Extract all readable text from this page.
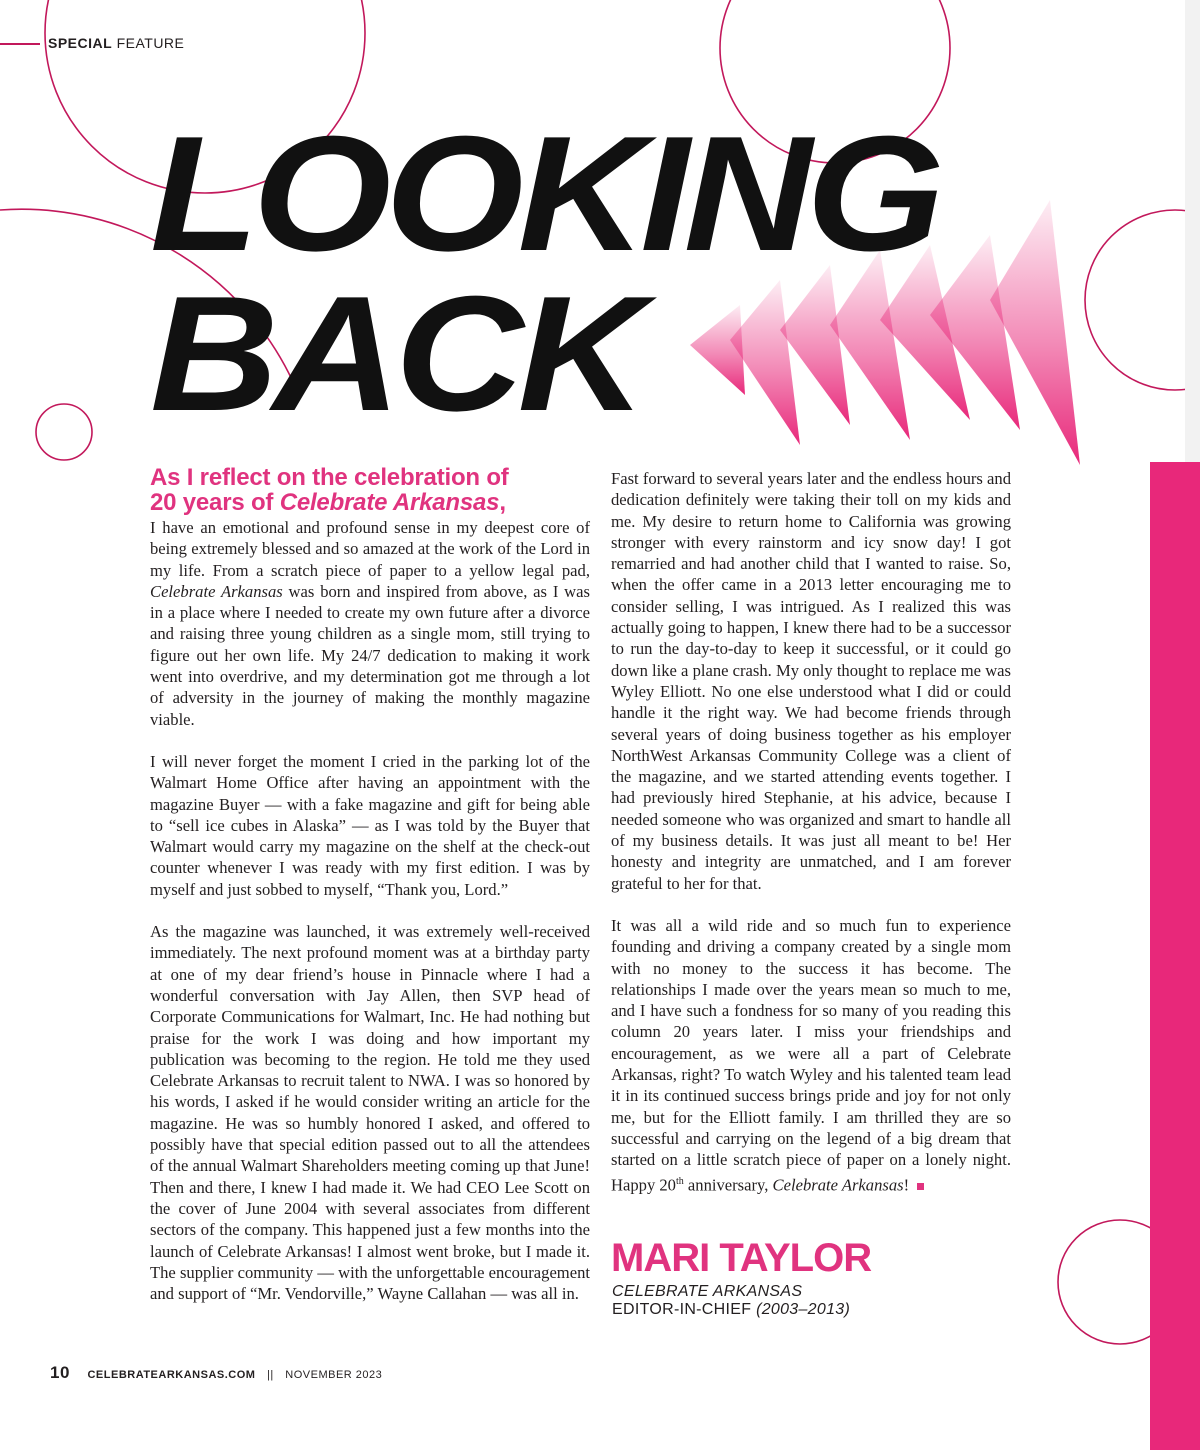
SPECIAL FEATURE
LOOKING
BACK
As I reflect on the celebration of
20 years of Celebrate Arkansas,

I have an emotional and profound sense in my deepest core of being extremely blessed and so amazed at the work of the Lord in my life. From a scratch piece of paper to a yellow legal pad, Celebrate Arkansas was born and inspired from above, as I was in a place where I needed to create my own future after a divorce and raising three young children as a single mom, still trying to figure out her own life. My 24/7 dedication to making it work went into overdrive, and my determination got me through a lot of adversity in the journey of making the monthly magazine viable.

I will never forget the moment I cried in the parking lot of the Walmart Home Office after having an appointment with the magazine Buyer — with a fake magazine and gift for being able to “sell ice cubes in Alaska” — as I was told by the Buyer that Walmart would carry my magazine on the shelf at the check-out counter whenever I was ready with my first edition. I was by myself and just sobbed to myself, “Thank you, Lord.”

As the magazine was launched, it was extremely well-received immediately. The next profound moment was at a birthday party at one of my dear friend’s house in Pinnacle where I had a wonderful conversation with Jay Allen, then SVP head of Corporate Communications for Walmart, Inc. He had nothing but praise for the work I was doing and how important my publication was becoming to the region. He told me they used Celebrate Arkansas to recruit talent to NWA. I was so honored by his words, I asked if he would consider writing an article for the magazine. He was so humbly honored I asked, and offered to possibly have that special edition passed out to all the attendees of the annual Walmart Shareholders meeting coming up that June! Then and there, I knew I had made it. We had CEO Lee Scott on the cover of June 2004 with several associates from different sectors of the company. This happened just a few months into the launch of Celebrate Arkansas! I almost went broke, but I made it. The supplier community — with the unforgettable encouragement and support of “Mr. Vendorville,” Wayne Callahan — was all in.

Fast forward to several years later and the endless hours and dedication definitely were taking their toll on my kids and me. My desire to return home to California was growing stronger with every rainstorm and icy snow day! I got remarried and had another child that I wanted to raise. So, when the offer came in a 2013 letter encouraging me to consider selling, I was intrigued. As I realized this was actually going to happen, I knew there had to be a successor to run the day-to-day to keep it successful, or it could go down like a plane crash. My only thought to replace me was Wyley Elliott. No one else understood what I did or could handle it the right way. We had become friends through several years of doing business together as his employer NorthWest Arkansas Community College was a client of the magazine, and we started attending events together. I had previously hired Stephanie, at his advice, because I needed someone who was organized and smart to handle all of my business details. It was just all meant to be! Her honesty and integrity are unmatched, and I am forever grateful to her for that.

It was all a wild ride and so much fun to experience founding and driving a company created by a single mom with no money to the success it has become. The relationships I made over the years mean so much to me, and I have such a fondness for so many of you reading this column 20 years later. I miss your friendships and encouragement, as we were all a part of Celebrate Arkansas, right? To watch Wyley and his talented team lead it in its continued success brings pride and joy for not only me, but for the Elliott family. I am thrilled they are so successful and carrying on the legend of a big dream that started on a little scratch piece of paper on a lonely night. Happy 20th anniversary, Celebrate Arkansas!

MARI TAYLOR
CELEBRATE ARKANSAS
EDITOR-IN-CHIEF (2003–2013)
10 CELEBRATEARKANSAS.COM || NOVEMBER 2023
